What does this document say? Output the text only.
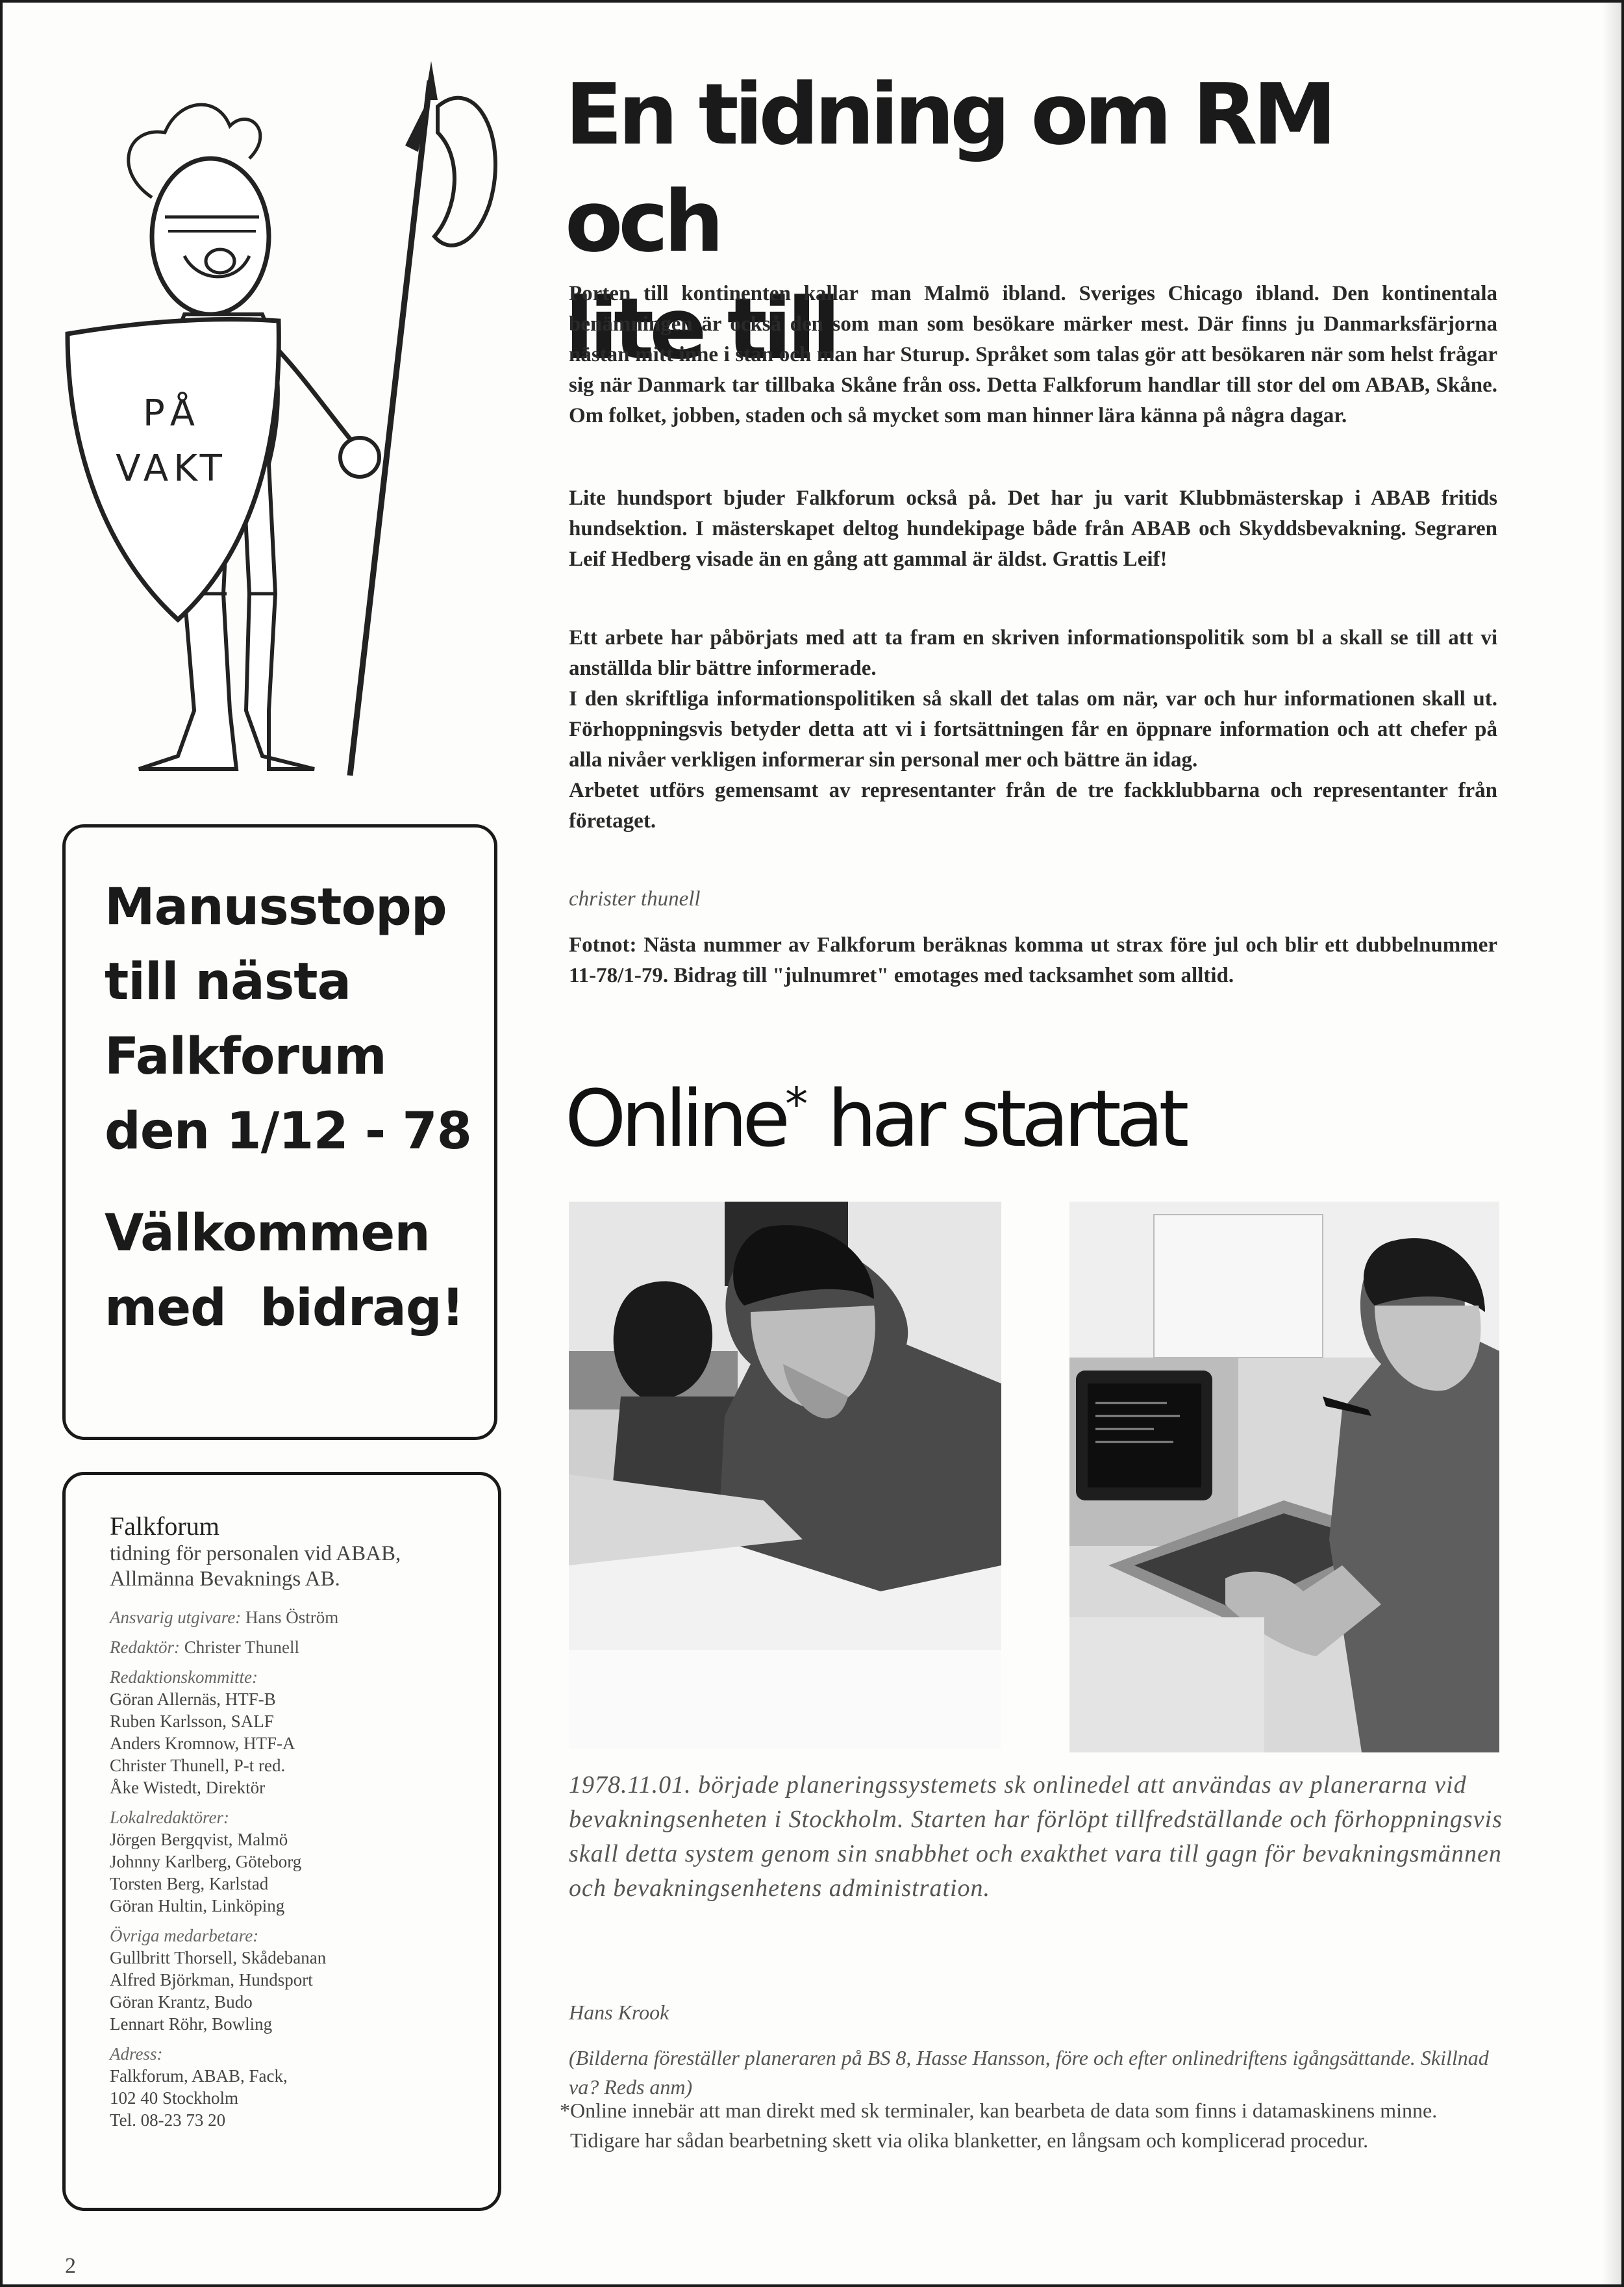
PÅ
VAKT
Manusstopp
till nästa
Falkforum
den 1/12 - 78
Välkommen
med  bidrag!
Falkforum
tidning för personalen vid ABAB,
Allmänna Bevaknings AB.
Ansvarig utgivare: Hans Öström
Redaktör: Christer Thunell
Redaktionskommitte:
Göran Allernäs, HTF-B
Ruben Karlsson, SALF
Anders Kromnow, HTF-A
Christer Thunell, P-t red.
Åke Wistedt, Direktör
Lokalredaktörer:
Jörgen Bergqvist, Malmö
Johnny Karlberg, Göteborg
Torsten Berg, Karlstad
Göran Hultin, Linköping
Övriga medarbetare:
Gullbritt Thorsell, Skådebanan
Alfred Björkman, Hundsport
Göran Krantz, Budo
Lennart Röhr, Bowling
Adress:
Falkforum, ABAB, Fack,
102 40 Stockholm
Tel. 08-23 73 20
En tidning om RM och
lite till

Porten till kontinenten kallar man Malmö ibland. Sveriges Chicago ibland. Den kontinentala benämningen är också den som man som besökare märker mest. Där finns ju Danmarksfärjorna nästan mitt inne i stan och man har Sturup. Språket som talas gör att besökaren när som helst frågar sig när Danmark tar tillbaka Skåne från oss. Detta Falkforum handlar till stor del om ABAB, Skåne. Om folket, jobben, staden och så mycket som man hinner lära känna på några dagar.

Lite hundsport bjuder Falkforum också på. Det har ju varit Klubbmästerskap i ABAB fritids hundsektion. I mästerskapet deltog hundekipage både från ABAB och Skyddsbevakning. Segraren Leif Hedberg visade än en gång att gammal är äldst. Grattis Leif!

Ett arbete har påbörjats med att ta fram en skriven informationspolitik som bl a skall se till att vi anställda blir bättre informerade.

I den skriftliga informationspolitiken så skall det talas om när, var och hur informationen skall ut. Förhoppningsvis betyder detta att vi i fortsättningen får en öppnare information och att chefer på alla nivåer verkligen informerar sin personal mer och bättre än idag.

Arbetet utförs gemensamt av representanter från de tre fackklubbarna och representanter från företaget.

christer thunell

Fotnot: Nästa nummer av Falkforum beräknas komma ut strax före jul och blir ett dubbelnummer 11-78/1-79. Bidrag till "julnumret" emotages med tacksamhet som alltid.

Online* har startat
1978.11.01. började planeringssystemets sk onlinedel att användas av planerarna vid bevakningsenheten i Stockholm. Starten har förlöpt tillfredställande och förhoppningsvis skall detta system genom sin snabbhet och exakthet vara till gagn för bevakningsmännen och bevakningsenhetens administration.
Hans Krook
(Bilderna föreställer planeraren på BS 8, Hasse Hansson, före och efter onlinedriftens igångsättande. Skillnad va? Reds anm)

*Online innebär att man direkt med sk terminaler, kan bearbeta de data som finns i datamaskinens minne.

Tidigare har sådan bearbetning skett via olika blanketter, en långsam och komplicerad procedur.

2
